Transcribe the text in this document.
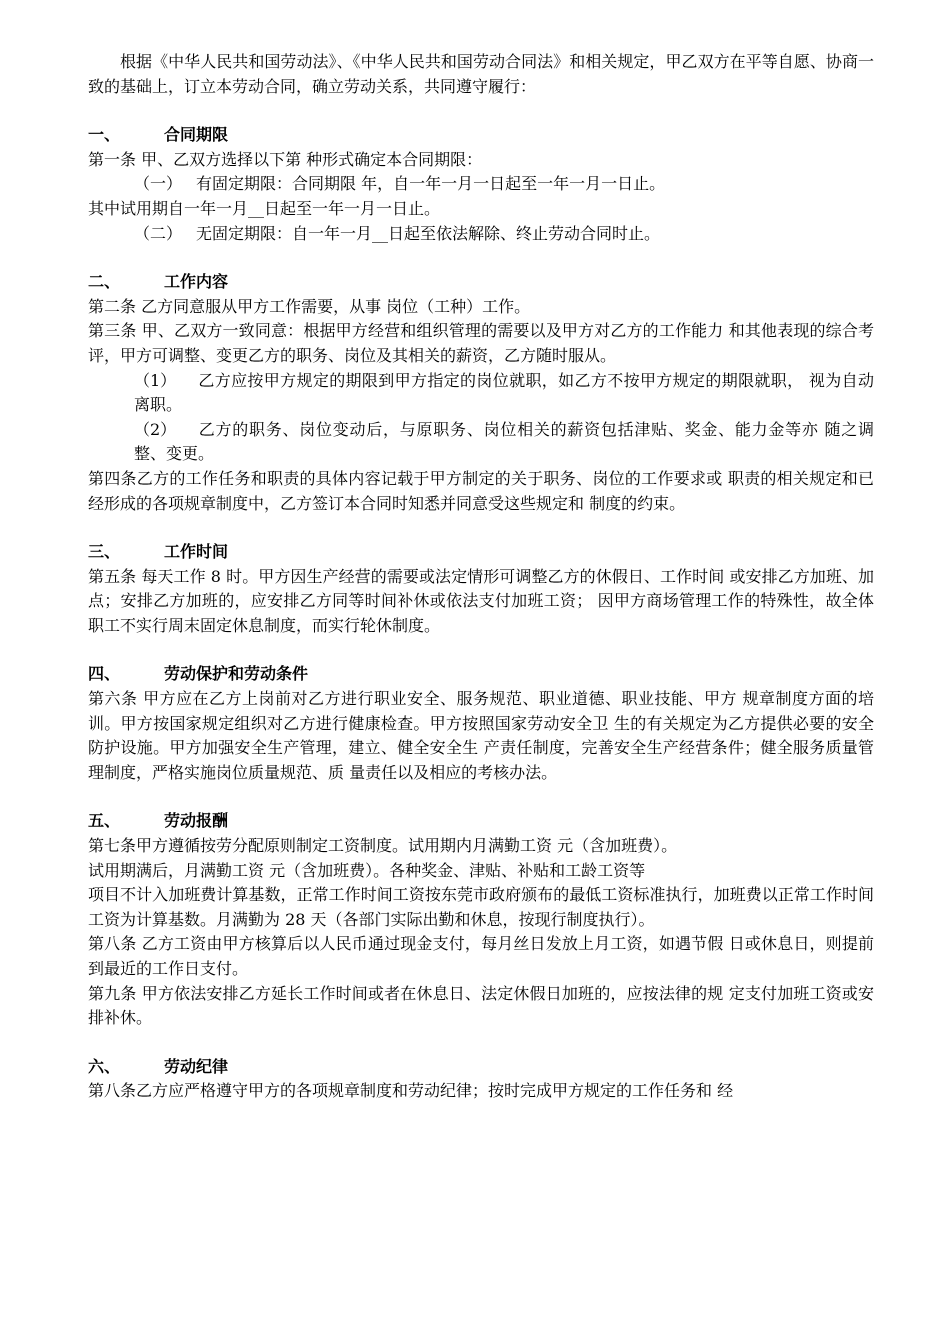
根据《中华人民共和国劳动法》、《中华人民共和国劳动合同法》和相关规定，甲乙双方在平等自愿、协商一致的基础上，订立本劳动合同，确立劳动关系，共同遵守履行：

一、	合同期限

第一条 甲、乙双方选择以下第 种形式确定本合同期限：

（一） 有固定期限：合同期限 年，自一年一月一日起至一年一月一日止。

其中试用期自一年一月__日起至一年一月一日止。

（二） 无固定期限：自一年一月__日起至依法解除、终止劳动合同时止。

二、	工作内容

第二条 乙方同意服从甲方工作需要，从事 岗位（工种）工作。

第三条 甲、乙双方一致同意：根据甲方经营和组织管理的需要以及甲方对乙方的工作能力 和其他表现的综合考评，甲方可调整、变更乙方的职务、岗位及其相关的薪资，乙方随时服从。

（1） 乙方应按甲方规定的期限到甲方指定的岗位就职，如乙方不按甲方规定的期限就职， 视为自动离职。

（2） 乙方的职务、岗位变动后，与原职务、岗位相关的薪资包括津贴、奖金、能力金等亦 随之调整、变更。

第四条乙方的工作任务和职责的具体内容记载于甲方制定的关于职务、岗位的工作要求或 职责的相关规定和已经形成的各项规章制度中，乙方签订本合同时知悉并同意受这些规定和 制度的约束。

三、	工作时间

第五条 每天工作 8 时。甲方因生产经营的需要或法定情形可调整乙方的休假日、工作时间 或安排乙方加班、加点；安排乙方加班的，应安排乙方同等时间补休或依法支付加班工资； 因甲方商场管理工作的特殊性，故全体职工不实行周末固定休息制度，而实行轮休制度。

四、	劳动保护和劳动条件

第六条 甲方应在乙方上岗前对乙方进行职业安全、服务规范、职业道德、职业技能、甲方 规章制度方面的培训。甲方按国家规定组织对乙方进行健康检查。甲方按照国家劳动安全卫 生的有关规定为乙方提供必要的安全防护设施。甲方加强安全生产管理，建立、健全安全生 产责任制度，完善安全生产经营条件；健全服务质量管理制度，严格实施岗位质量规范、质 量责任以及相应的考核办法。

五、	劳动报酬

第七条甲方遵循按劳分配原则制定工资制度。试用期内月满勤工资 元（含加班费）。

试用期满后，月满勤工资 元（含加班费）。各种奖金、津贴、补贴和工龄工资等

项目不计入加班费计算基数，正常工作时间工资按东莞市政府颁布的最低工资标准执行，加班费以正常工作时间工资为计算基数。月满勤为 28 天（各部门实际出勤和休息，按现行制度执行）。

第八条 乙方工资由甲方核算后以人民币通过现金支付，每月丝日发放上月工资，如遇节假 日或休息日，则提前到最近的工作日支付。

第九条 甲方依法安排乙方延长工作时间或者在休息日、法定休假日加班的，应按法律的规 定支付加班工资或安排补休。

六、	劳动纪律

第八条乙方应严格遵守甲方的各项规章制度和劳动纪律；按时完成甲方规定的工作任务和 经
